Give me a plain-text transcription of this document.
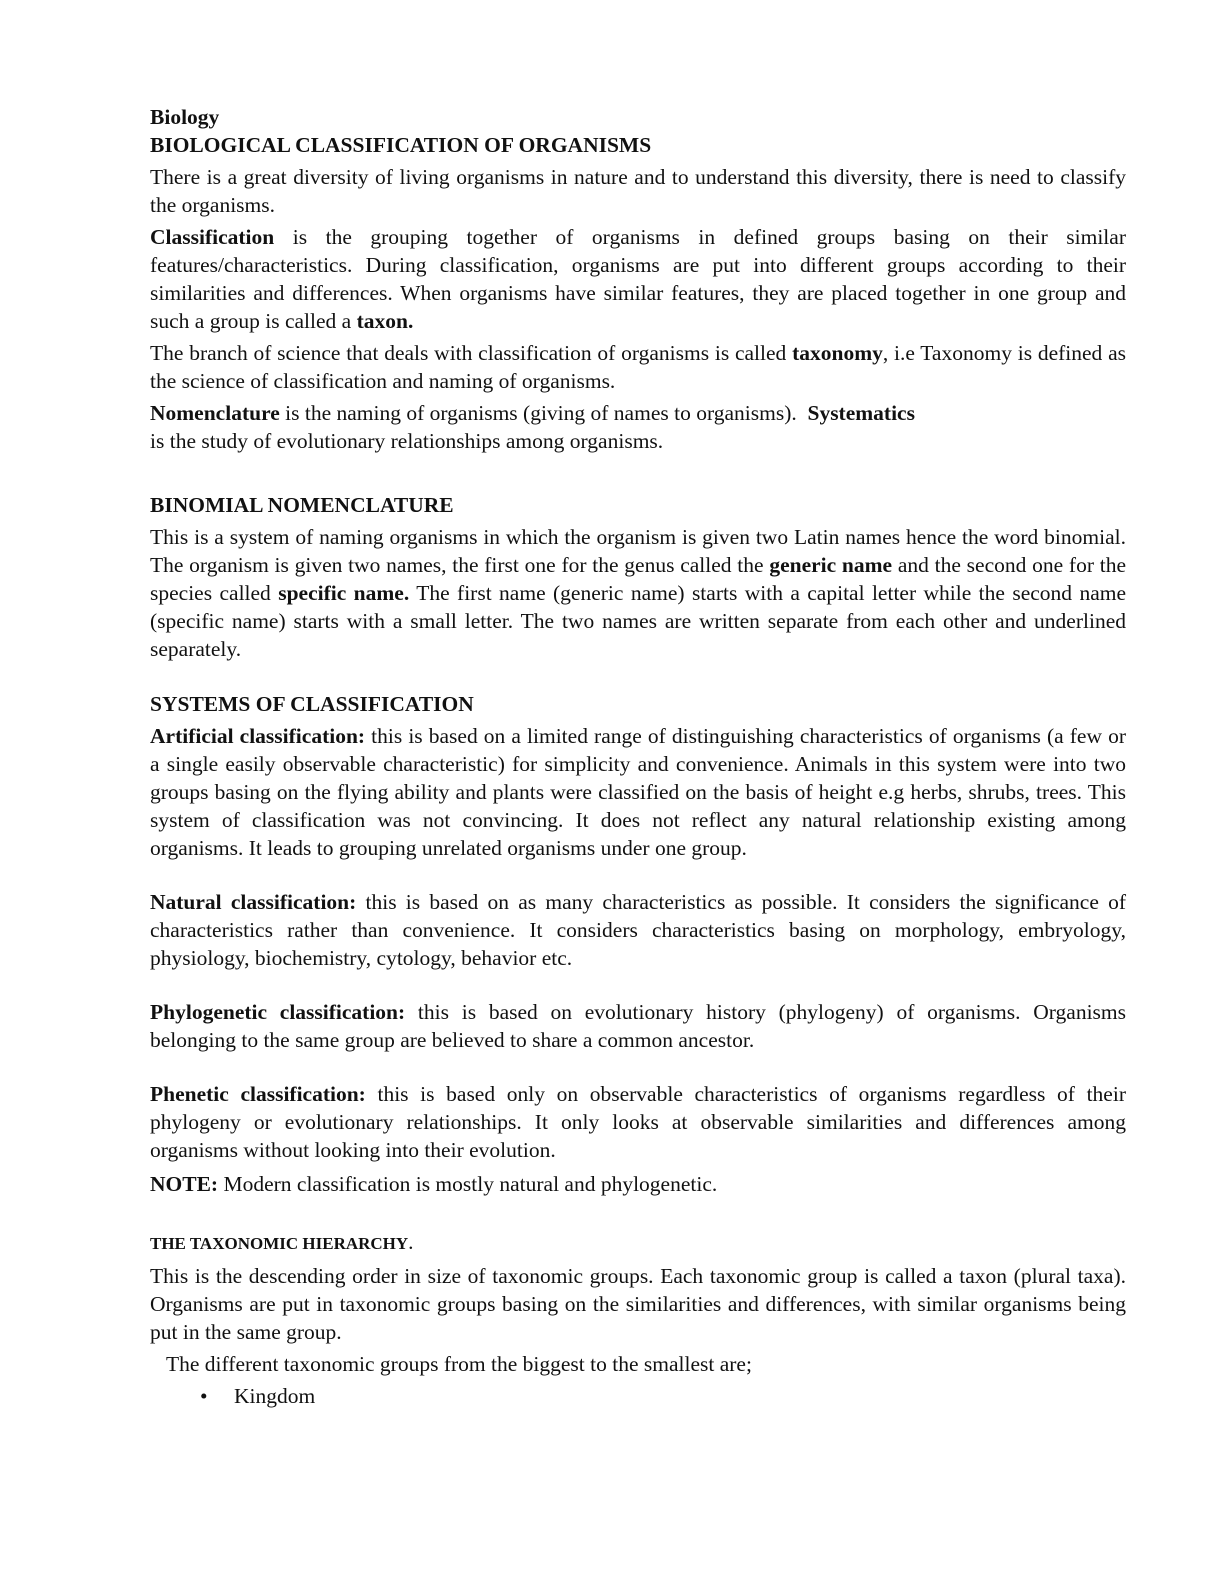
Biology

BIOLOGICAL CLASSIFICATION OF ORGANISMS

There is a great diversity of living organisms in nature and to understand this diversity, there is need to classify the organisms.

Classification is the grouping together of organisms in defined groups basing on their similar features/characteristics. During classification, organisms are put into different groups according to their similarities and differences. When organisms have similar features, they are placed together in one group and such a group is called a taxon.

The branch of science that deals with classification of organisms is called taxonomy, i.e Taxonomy is defined as the science of classification and naming of organisms.

Nomenclature is the naming of organisms (giving of names to organisms).  Systematics
is the study of evolutionary relationships among organisms.

BINOMIAL NOMENCLATURE

This is a system of naming organisms in which the organism is given two Latin names hence the word binomial. The organism is given two names, the first one for the genus called the generic name and the second one for the species called specific name. The first name (generic name) starts with a capital letter while the second name (specific name) starts with a small letter. The two names are written separate from each other and underlined separately.

SYSTEMS OF CLASSIFICATION

Artificial classification: this is based on a limited range of distinguishing characteristics of organisms (a few or a single easily observable characteristic) for simplicity and convenience. Animals in this system were into two groups basing on the flying ability and plants were classified on the basis of height e.g herbs, shrubs, trees. This system of classification was not convincing. It does not reflect any natural relationship existing among organisms. It leads to grouping unrelated organisms under one group.

Natural classification: this is based on as many characteristics as possible. It considers the significance of characteristics rather than convenience. It considers characteristics basing on morphology, embryology, physiology, biochemistry, cytology, behavior etc.

Phylogenetic classification: this is based on evolutionary history (phylogeny) of organisms. Organisms belonging to the same group are believed to share a common ancestor.

Phenetic classification: this is based only on observable characteristics of organisms regardless of their phylogeny or evolutionary relationships. It only looks at observable similarities and differences among organisms without looking into their evolution.

NOTE: Modern classification is mostly natural and phylogenetic.

THE TAXONOMIC HIERARCHY.

This is the descending order in size of taxonomic groups. Each taxonomic group is called a taxon (plural taxa). Organisms are put in taxonomic groups basing on the similarities and differences, with similar organisms being put in the same group.

The different taxonomic groups from the biggest to the smallest are;

• Kingdom
